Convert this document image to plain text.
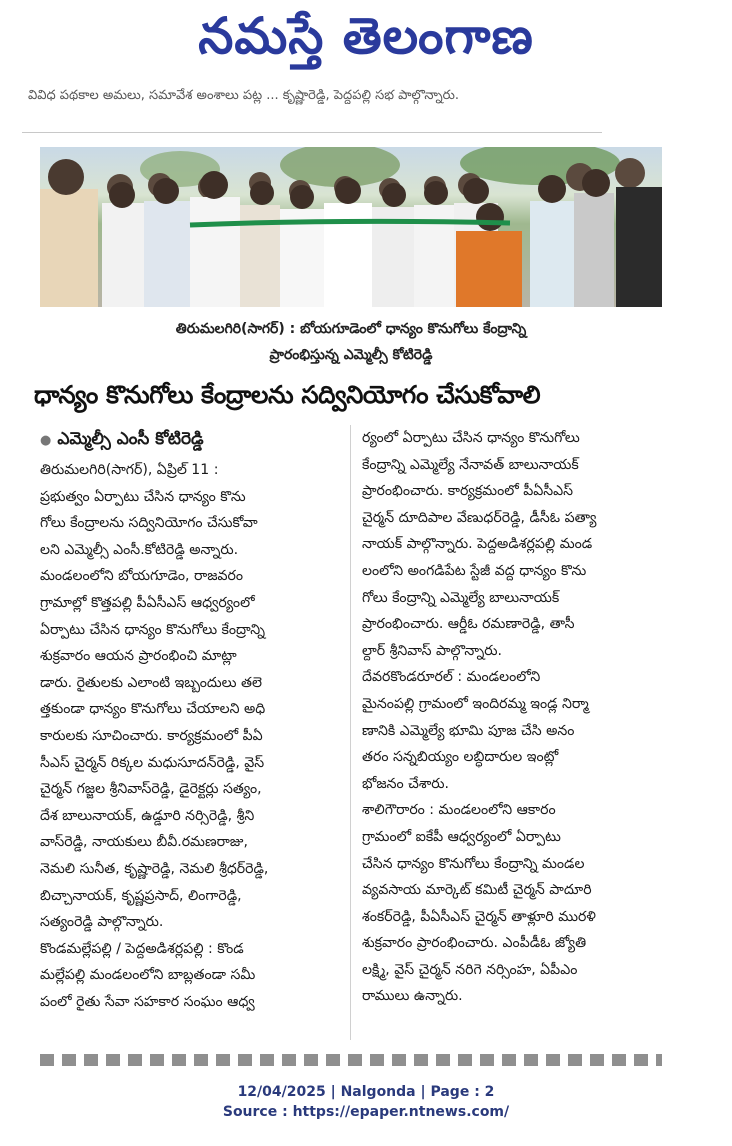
నమస్తే తెలంగాణ
వివిధ పథకాల అమలు, సమావేశ అంశాలు పట్ల ... కృష్ణారెడ్డి, పెద్దపల్లి సభ పాల్గొన్నారు.
తిరుమలగిరి(సాగర్) : బోయగూడెంలో ధాన్యం కొనుగోలు కేంద్రాన్ని
ప్రారంభిస్తున్న ఎమ్మెల్సీ కోటిరెడ్డి
ధాన్యం కొనుగోలు కేంద్రాలను సద్వినియోగం చేసుకోవాలి

● ఎమ్మెల్సీ ఎంసీ కోటిరెడ్డి

తిరుమలగిరి(సాగర్), ఏప్రిల్ 11 :

ప్రభుత్వం ఏర్పాటు చేసిన ధాన్యం కొను

గోలు కేంద్రాలను సద్వినియోగం చేసుకోవా

లని ఎమ్మెల్సీ ఎంసీ.కోటిరెడ్డి అన్నారు.

మండలంలోని బోయగూడెం, రాజవరం

గ్రామాల్లో కొత్తపల్లి పీఏసీఎస్ ఆధ్వర్యంలో

ఏర్పాటు చేసిన ధాన్యం కొనుగోలు కేంద్రాన్ని

శుక్రవారం ఆయన ప్రారంభించి మాట్లా

డారు. రైతులకు ఎలాంటి ఇబ్బందులు తలె

త్తకుండా ధాన్యం కొనుగోలు చేయాలని అధి

కారులకు సూచించారు. కార్యక్రమంలో పీఏ

సీఎస్ చైర్మన్ రిక్కల మధుసూదన్‌రెడ్డి, వైస్

చైర్మన్ గజ్జల శ్రీనివాస్‌రెడ్డి, డైరెక్టర్లు సత్యం,

దేశ బాలునాయక్, ఉడ్డూరి నర్సిరెడ్డి, శ్రీని

వాస్‌రెడ్డి, నాయకులు బీవీ.రమణరాజు,

నెమలి సునీత, కృష్ణారెడ్డి, నెమలి శ్రీధర్‌రెడ్డి,

బిచ్చానాయక్, కృష్ణప్రసాద్, లింగారెడ్డి,

సత్యంరెడ్డి పాల్గొన్నారు.

కొండమల్లేపల్లి / పెద్దఅడిశర్లపల్లి : కొండ

మల్లేపల్లి మండలంలోని బాబ్లతండా సమీ

పంలో రైతు సేవా సహకార సంఘం ఆధ్వ

ర్యంలో ఏర్పాటు చేసిన ధాన్యం కొనుగోలు

కేంద్రాన్ని ఎమ్మెల్యే నేనావత్ బాలునాయక్

ప్రారంభించారు. కార్యక్రమంలో పీఏసీఎస్

చైర్మన్ దూదిపాల వేణుధర్‌రెడ్డి, డీసీఓ పత్యా

నాయక్ పాల్గొన్నారు. పెద్దఅడిశర్లపల్లి మండ

లంలోని అంగడిపేట స్టేజీ వద్ద ధాన్యం కొను

గోలు కేంద్రాన్ని ఎమ్మెల్యే బాలునాయక్

ప్రారంభించారు. ఆర్డీఓ రమణారెడ్డి, తాసీ

ల్దార్ శ్రీనివాస్ పాల్గొన్నారు.

దేవరకొండరూరల్ : మండలంలోని

మైనంపల్లి గ్రామంలో ఇందిరమ్మ ఇండ్ల నిర్మా

ణానికి ఎమ్మెల్యే భూమి పూజ చేసి అనం

తరం సన్నబియ్యం లబ్ధిదారుల ఇంట్లో

భోజనం చేశారు.

శాలిగౌరారం : మండలంలోని ఆకారం

గ్రామంలో ఐకేపీ ఆధ్వర్యంలో ఏర్పాటు

చేసిన ధాన్యం కొనుగోలు కేంద్రాన్ని మండల

వ్యవసాయ మార్కెట్ కమిటీ చైర్మన్ పాదూరి

శంకర్‌రెడ్డి, పీఏసీఎస్ చైర్మన్ తాళ్లూరి మురళి

శుక్రవారం ప్రారంభించారు. ఎంపీడీఓ జ్యోతి

లక్ష్మి, వైస్ చైర్మన్ నరిగె నర్సింహ, ఏపీఎం

రాములు ఉన్నారు.

12/04/2025 | Nalgonda | Page : 2
Source : https://epaper.ntnews.com/
